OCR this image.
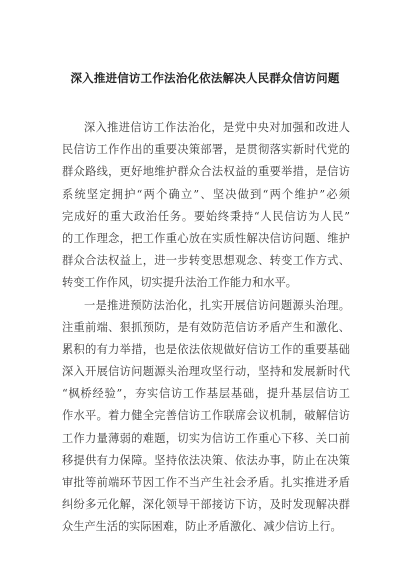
深入推进信访工作法治化依法解决人民群众信访问题
深入推进信访工作法治化，是党中央对加强和改进人
民信访工作作出的重要决策部署，是贯彻落实新时代党的
群众路线，更好地维护群众合法权益的重要举措，是信访
系统坚定拥护“两个确立”、坚决做到“两个维护”必须
完成好的重大政治任务。要始终秉持“人民信访为人民”
的工作理念，把工作重心放在实质性解决信访问题、维护
群众合法权益上，进一步转变思想观念、转变工作方式、
转变工作作风，切实提升法治工作能力和水平。
一是推进预防法治化，扎实开展信访问题源头治理。
注重前端、狠抓预防，是有效防范信访矛盾产生和激化、
累积的有力举措，也是依法依规做好信访工作的重要基础
深入开展信访问题源头治理攻坚行动，坚持和发展新时代
“枫桥经验”，夯实信访工作基层基础，提升基层信访工
作水平。着力健全完善信访工作联席会议机制，破解信访
工作力量薄弱的难题，切实为信访工作重心下移、关口前
移提供有力保障。坚持依法决策、依法办事，防止在决策
审批等前端环节因工作不当产生社会矛盾。扎实推进矛盾
纠纷多元化解，深化领导干部接访下访，及时发现解决群
众生产生活的实际困难，防止矛盾激化、减少信访上行。
